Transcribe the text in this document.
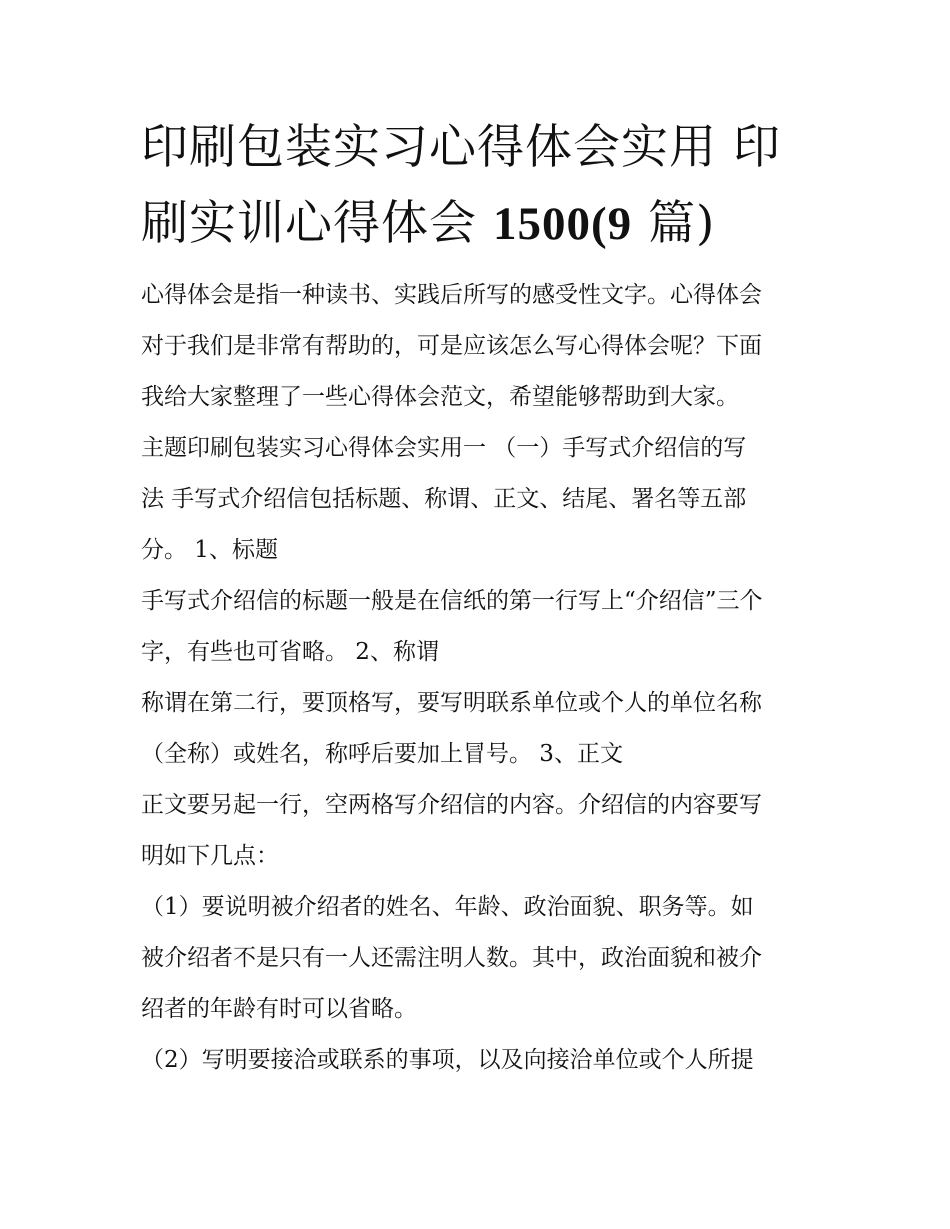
印刷包装实习心得体会实用 印
刷实训心得体会 1500(9 篇)
心得体会是指一种读书、实践后所写的感受性文字。心得体会
对于我们是非常有帮助的，可是应该怎么写心得体会呢？下面
我给大家整理了一些心得体会范文，希望能够帮助到大家。
主题印刷包装实习心得体会实用一 （一）手写式介绍信的写
法 手写式介绍信包括标题、称谓、正文、结尾、署名等五部
分。 1、标题
手写式介绍信的标题一般是在信纸的第一行写上“介绍信”三个
字，有些也可省略。 2、称谓
称谓在第二行，要顶格写，要写明联系单位或个人的单位名称
（全称）或姓名，称呼后要加上冒号。 3、正文
正文要另起一行，空两格写介绍信的内容。介绍信的内容要写
明如下几点：
（1）要说明被介绍者的姓名、年龄、政治面貌、职务等。如
被介绍者不是只有一人还需注明人数。其中，政治面貌和被介
绍者的年龄有时可以省略。
（2）写明要接洽或联系的事项，以及向接洽单位或个人所提
